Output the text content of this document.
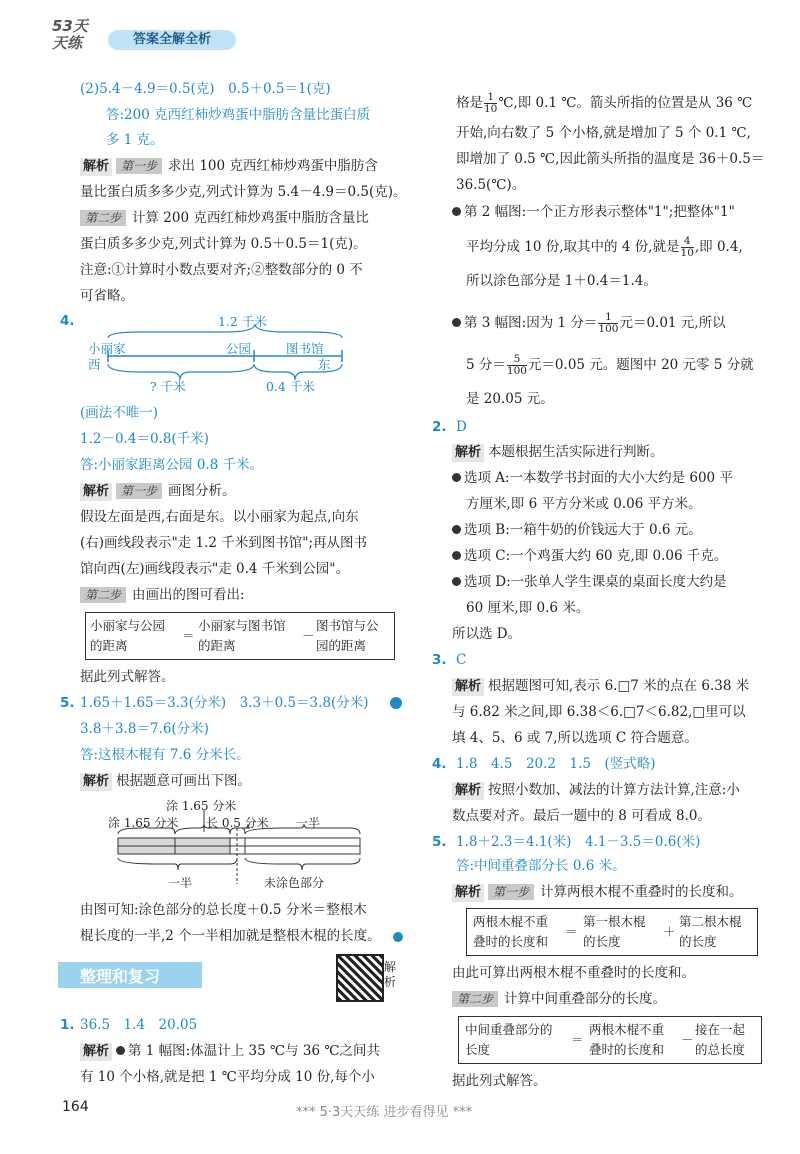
53天天练	答案全解全析
(2)5.4－4.9＝0.5(克)　0.5＋0.5＝1(克)
答:200 克西红柿炒鸡蛋中脂肪含量比蛋白质
多 1 克。
解析 第一步 求出 100 克西红柿炒鸡蛋中脂肪含
量比蛋白质多多少克,列式计算为 5.4－4.9＝0.5(克)。
第二步 计算 200 克西红柿炒鸡蛋中脂肪含量比
蛋白质多多少克,列式计算为 0.5＋0.5＝1(克)。
注意:①计算时小数点要对齐;②整数部分的 0 不
可省略。
4.	1.2 千米
小丽家	公园	图书馆
西	东
? 千米	0.4 千米
(画法不唯一)
1.2－0.4＝0.8(千米)
答:小丽家距离公园 0.8 千米。
解析 第一步 画图分析。
假设左面是西,右面是东。以小丽家为起点,向东
(右)画线段表示"走 1.2 千米到图书馆";再从图书
馆向西(左)画线段表示"走 0.4 千米到公园"。
第二步 由画出的图可看出:
小丽家与公园
的距离
＝
小丽家与图书馆
的距离
－
图书馆与公
园的距离
据此列式解答。
5. 1.65＋1.65＝3.3(分米)　3.3＋0.5＝3.8(分米)
3.8＋3.8＝7.6(分米)
答:这根木棍有 7.6 分米长。
解析 根据题意可画出下图。
涂 1.65 分米
涂 1.65 分米 长 0.5 分米 一半
一半	未涂色部分
由图可知:涂色部分的总长度＋0.5 分米＝整根木
棍长度的一半,2 个一半相加就是整根木棍的长度。
整理和复习	解析
1. 36.5　1.4　20.05
解析 第 1 幅图:体温计上 35 ℃与 36 ℃之间共
有 10 个小格,就是把 1 ℃平均分成 10 份,每个小
164
格是 $\frac{1}{10}$ ℃,即 0.1 ℃。箭头所指的位置是从 36 ℃
开始,向右数了 5 个小格,就是增加了 5 个 0.1 ℃,
即增加了 0.5 ℃,因此箭头所指的温度是 36＋0.5＝
36.5(℃)。
第 2 幅图:一个正方形表示整体"1";把整体"1"
平均分成 10 份,取其中的 4 份,就是 $\frac{4}{10}$ ,即 0.4,
所以涂色部分是 1＋0.4＝1.4。
第 3 幅图:因为 1 分＝ $\frac{1}{100}$ 元＝0.01 元,所以
5 分＝ $\frac{5}{100}$ 元＝0.05 元。题图中 20 元零 5 分就
是 20.05 元。
2. D
解析 本题根据生活实际进行判断。
选项 A:一本数学书封面的大小大约是 600 平
方厘米,即 6 平方分米或 0.06 平方米。
选项 B:一箱牛奶的价钱远大于 0.6 元。
选项 C:一个鸡蛋大约 60 克,即 0.06 千克。
选项 D:一张单人学生课桌的桌面长度大约是
60 厘米,即 0.6 米。
所以选 D。
3. C
解析 根据题图可知,表示 6.□7 米的点在 6.38 米
与 6.82 米之间,即 6.38＜6.□7＜6.82,□里可以
填 4、5、6 或 7,所以选项 C 符合题意。
4. 1.8　4.5　20.2　1.5　(竖式略)
解析 按照小数加、减法的计算方法计算,注意:小
数点要对齐。最后一题中的 8 可看成 8.0。
5. 1.8＋2.3＝4.1(米)　4.1－3.5＝0.6(米)
答:中间重叠部分长 0.6 米。
解析 第一步 计算两根木棍不重叠时的长度和。
两根木棍不重
叠时的长度和
＝
第一根木棍
的长度
＋
第二根木棍
的长度
由此可算出两根木棍不重叠时的长度和。
第二步 计算中间重叠部分的长度。
中间重叠部分的
长度
＝
两根木棍不重
叠时的长度和
－
接在一起
的总长度
据此列式解答。
*** 5·3天天练 进步看得见 ***
